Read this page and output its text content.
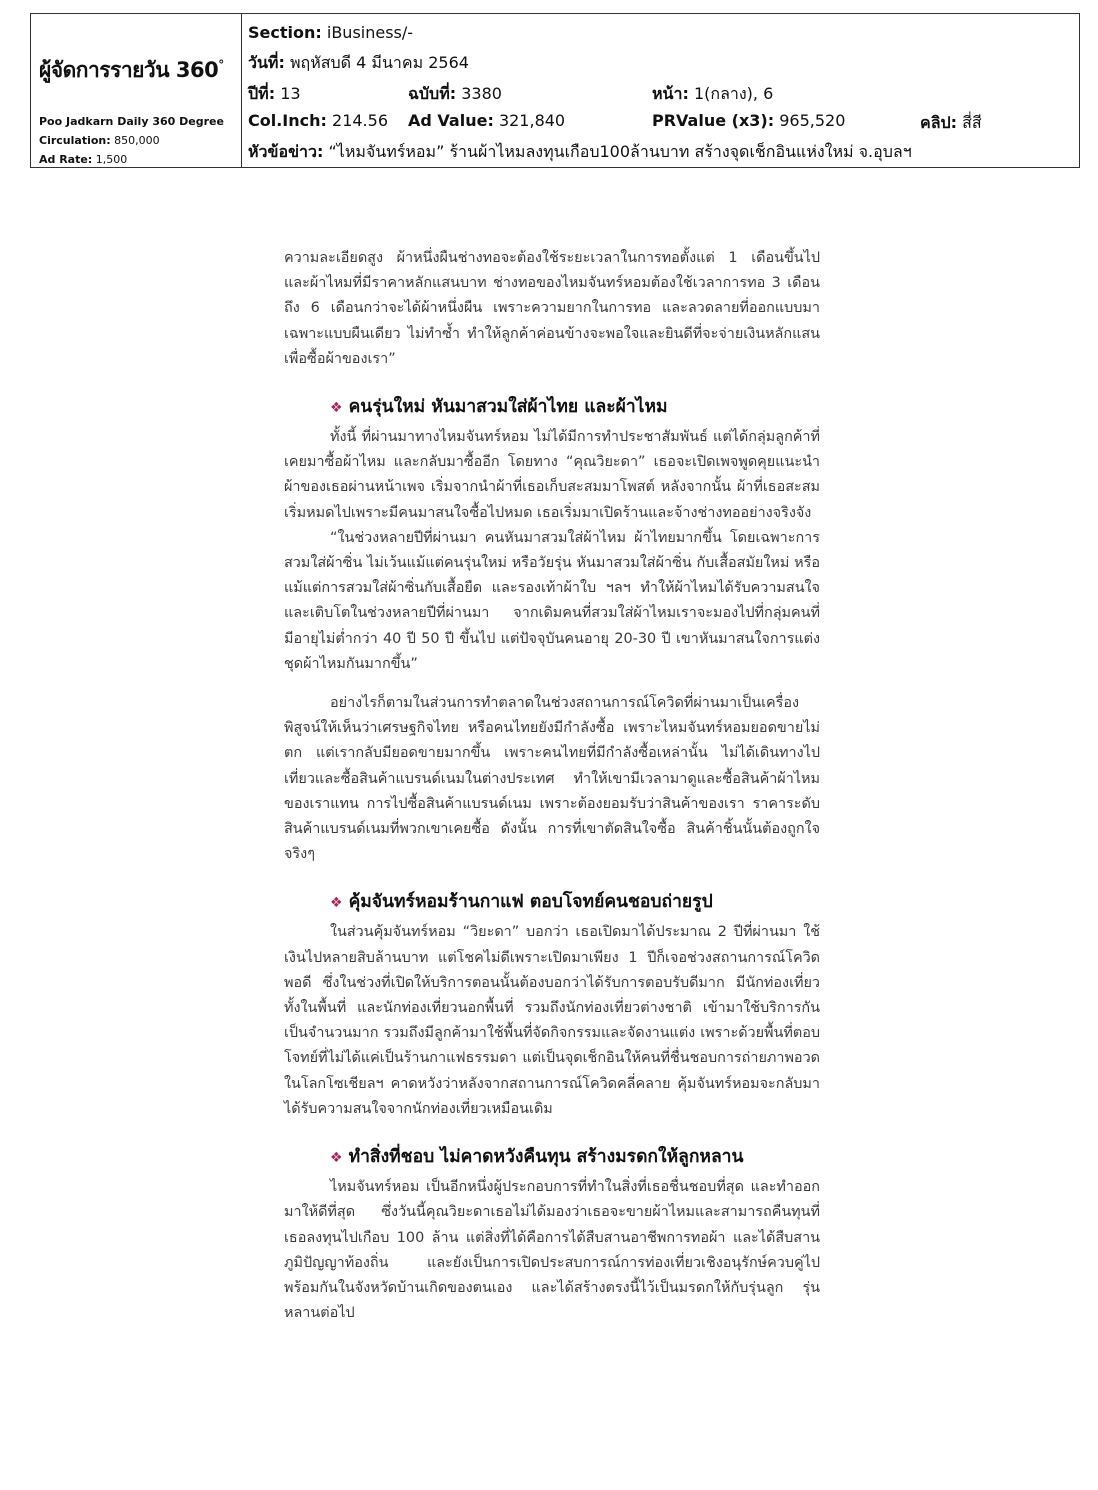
ผู้จัดการรายวัน 360°
Poo Jadkarn Daily 360 Degree
Circulation: 850,000
Ad Rate: 1,500
Section: iBusiness/-
วันที่: พฤหัสบดี 4 มีนาคม 2564
ปีที่: 13	ฉบับที่: 3380	หน้า: 1(กลาง), 6
Col.Inch: 214.56 Ad Value: 321,840	PRValue (x3): 965,520	คลิป: สี่สี
หัวข้อข่าว: “ไหมจันทร์หอม” ร้านผ้าไหมลงทุนเกือบ100ล้านบาท สร้างจุดเช็กอินแห่งใหม่ จ.อุบลฯ

ความละเอียดสูง ผ้าหนึ่งผืนช่างทอจะต้องใช้ระยะเวลาในการทอตั้งแต่ 1 เดือนขึ้นไป และผ้าไหมที่มีราคาหลักแสนบาท ช่างทอของไหมจันทร์หอมต้องใช้เวลาการทอ 3 เดือนถึง 6 เดือนกว่าจะได้ผ้าหนึ่งผืน เพราะความยากในการทอ และลวดลายที่ออกแบบมาเฉพาะแบบผืนเดียว ไม่ทำซ้ำ ทำให้ลูกค้าค่อนข้างจะพอใจและยินดีที่จะจ่ายเงินหลักแสนเพื่อซื้อผ้าของเรา”

❖ คนรุ่นใหม่ หันมาสวมใส่ผ้าไทย และผ้าไหม

ทั้งนี้ ที่ผ่านมาทางไหมจันทร์หอม ไม่ได้มีการทำประชาสัมพันธ์ แต่ได้กลุ่มลูกค้าที่เคยมาซื้อผ้าไหม และกลับมาซื้ออีก โดยทาง “คุณวิยะดา” เธอจะเปิดเพจพูดคุยแนะนำผ้าของเธอผ่านหน้าเพจ เริ่มจากนำผ้าที่เธอเก็บสะสมมาโพสต์ หลังจากนั้น ผ้าที่เธอสะสมเริ่มหมดไปเพราะมีคนมาสนใจซื้อไปหมด เธอเริ่มมาเปิดร้านและจ้างช่างทออย่างจริงจัง

“ในช่วงหลายปีที่ผ่านมา คนหันมาสวมใส่ผ้าไหม ผ้าไทยมากขึ้น โดยเฉพาะการสวมใส่ผ้าซิ่น ไม่เว้นแม้แต่คนรุ่นใหม่ หรือวัยรุ่น หันมาสวมใส่ผ้าซิ่น กับเสื้อสมัยใหม่ หรือแม้แต่การสวมใส่ผ้าซิ่นกับเสื้อยืด และรองเท้าผ้าใบ ฯลฯ ทำให้ผ้าไหมได้รับความสนใจและเติบโตในช่วงหลายปีที่ผ่านมา จากเดิมคนที่สวมใส่ผ้าไหมเราจะมองไปที่กลุ่มคนที่มีอายุไม่ต่ำกว่า 40 ปี 50 ปี ขึ้นไป แต่ปัจจุบันคนอายุ 20-30 ปี เขาหันมาสนใจการแต่งชุดผ้าไหมกันมากขึ้น”

อย่างไรก็ตามในส่วนการทำตลาดในช่วงสถานการณ์โควิดที่ผ่านมาเป็นเครื่องพิสูจน์ให้เห็นว่าเศรษฐกิจไทย หรือคนไทยยังมีกำลังซื้อ เพราะไหมจันทร์หอมยอดขายไม่ตก แต่เรากลับมียอดขายมากขึ้น เพราะคนไทยที่มีกำลังซื้อเหล่านั้น ไม่ได้เดินทางไปเที่ยวและซื้อสินค้าแบรนด์เนมในต่างประเทศ ทำให้เขามีเวลามาดูและซื้อสินค้าผ้าไหมของเราแทน การไปซื้อสินค้าแบรนด์เนม เพราะต้องยอมรับว่าสินค้าของเรา ราคาระดับสินค้าแบรนด์เนมที่พวกเขาเคยซื้อ ดังนั้น การที่เขาตัดสินใจซื้อ สินค้าชิ้นนั้นต้องถูกใจจริงๆ

❖ คุ้มจันทร์หอมร้านกาแฟ ตอบโจทย์คนชอบถ่ายรูป

ในส่วนคุ้มจันทร์หอม “วิยะดา” บอกว่า เธอเปิดมาได้ประมาณ 2 ปีที่ผ่านมา ใช้เงินไปหลายสิบล้านบาท แต่โชคไม่ดีเพราะเปิดมาเพียง 1 ปีก็เจอช่วงสถานการณ์โควิดพอดี ซึ่งในช่วงที่เปิดให้บริการตอนนั้นต้องบอกว่าได้รับการตอบรับดีมาก มีนักท่องเที่ยวทั้งในพื้นที่ และนักท่องเที่ยวนอกพื้นที่ รวมถึงนักท่องเที่ยวต่างชาติ เข้ามาใช้บริการกันเป็นจำนวนมาก รวมถึงมีลูกค้ามาใช้พื้นที่จัดกิจกรรมและจัดงานแต่ง เพราะด้วยพื้นที่ตอบโจทย์ที่ไม่ได้แค่เป็นร้านกาแฟธรรมดา แต่เป็นจุดเช็กอินให้คนที่ชื่นชอบการถ่ายภาพอวดในโลกโซเชียลฯ คาดหวังว่าหลังจากสถานการณ์โควิดคลี่คลาย คุ้มจันทร์หอมจะกลับมาได้รับความสนใจจากนักท่องเที่ยวเหมือนเดิม

❖ ทำสิ่งที่ชอบ ไม่คาดหวังคืนทุน สร้างมรดกให้ลูกหลาน

ไหมจันทร์หอม เป็นอีกหนึ่งผู้ประกอบการที่ทำในสิ่งที่เธอชื่นชอบที่สุด และทำออกมาให้ดีที่สุด ซึ่งวันนี้คุณวิยะดาเธอไม่ได้มองว่าเธอจะขายผ้าไหมและสามารถคืนทุนที่เธอลงทุนไปเกือบ 100 ล้าน แต่สิ่งที่ได้คือการได้สืบสานอาชีพการทอผ้า และได้สืบสานภูมิปัญญาท้องถิ่น และยังเป็นการเปิดประสบการณ์การท่องเที่ยวเชิงอนุรักษ์ควบคู่ไปพร้อมกันในจังหวัดบ้านเกิดของตนเอง และได้สร้างตรงนี้ไว้เป็นมรดกให้กับรุ่นลูก รุ่นหลานต่อไป
